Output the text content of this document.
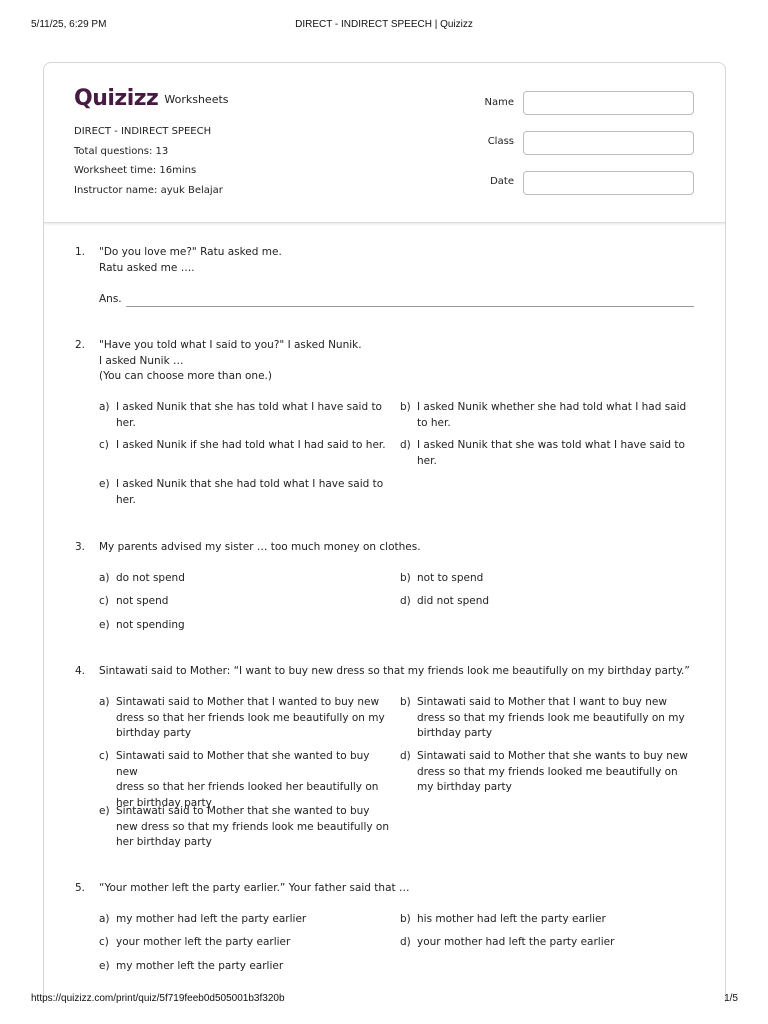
5/11/25, 6:29 PM	DIRECT - INDIRECT SPEECH | Quizizz
Quizizz Worksheets
DIRECT - INDIRECT SPEECH
Total questions: 13
Worksheet time: 16mins
Instructor name: ayuk Belajar
Name
Class
Date
1. "Do you love me?" Ratu asked me.
Ratu asked me ….
Ans.
2. "Have you told what I said to you?" I asked Nunik.
I asked Nunik …
(You can choose more than one.)
a) I asked Nunik that she has told what I have said to
her.
b) I asked Nunik whether she had told what I had said
to her.
c) I asked Nunik if she had told what I had said to her. d) I asked Nunik that she was told what I have said to
her.
e) I asked Nunik that she had told what I have said to
her.
3. My parents advised my sister … too much money on clothes.
a) do not spend	b) not to spend
c) not spend	d) did not spend
e) not spending
4. Sintawati said to Mother: “I want to buy new dress so that my friends look me beautifully on my birthday party.”
a) Sintawati said to Mother that I wanted to buy new
dress so that her friends look me beautifully on my
birthday party
b) Sintawati said to Mother that I want to buy new
dress so that my friends look me beautifully on my
birthday party
c) Sintawati said to Mother that she wanted to buy new
dress so that her friends looked her beautifully on
her birthday party
d) Sintawati said to Mother that she wants to buy new
dress so that my friends looked me beautifully on
my birthday party
e) Sintawati said to Mother that she wanted to buy
new dress so that my friends look me beautifully on
her birthday party
5. “Your mother left the party earlier.” Your father said that …
a) my mother had left the party earlier	b) his mother had left the party earlier
c) your mother left the party earlier	d) your mother had left the party earlier
e) my mother left the party earlier
https://quizizz.com/print/quiz/5f719feeb0d505001b3f320b	1/5
